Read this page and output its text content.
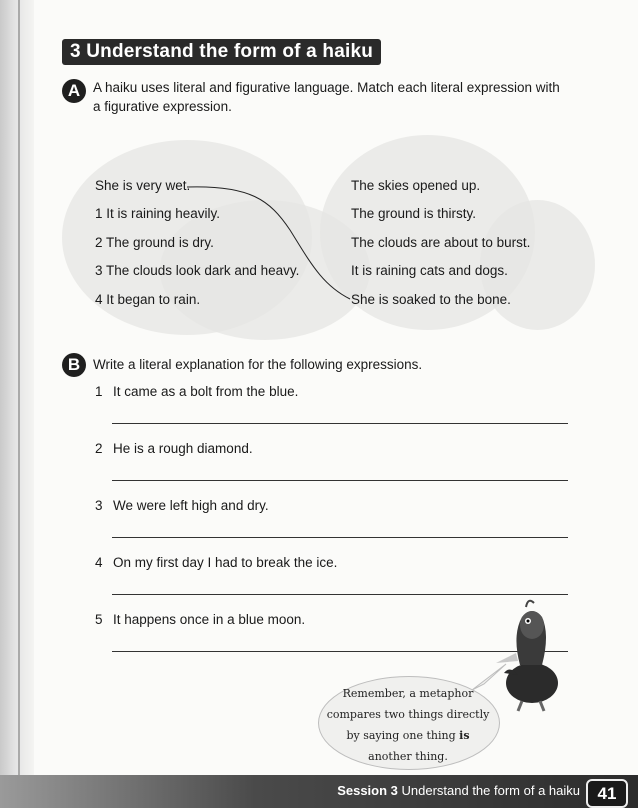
3 Understand the form of a haiku
A A haiku uses literal and figurative language. Match each literal expression with
a figurative expression.
She is very wet.
1 It is raining heavily.
2 The ground is dry.
3 The clouds look dark and heavy.
4 It began to rain.
The skies opened up.
The ground is thirsty.
The clouds are about to burst.
It is raining cats and dogs.
She is soaked to the bone.
B Write a literal explanation for the following expressions.
1 It came as a bolt from the blue.
2 He is a rough diamond.
3 We were left high and dry.
4 On my first day I had to break the ice.
5 It happens once in a blue moon.
Remember, a metaphor
compares two things directly
by saying one thing is
another thing.
Session 3 Understand the form of a haiku	41
